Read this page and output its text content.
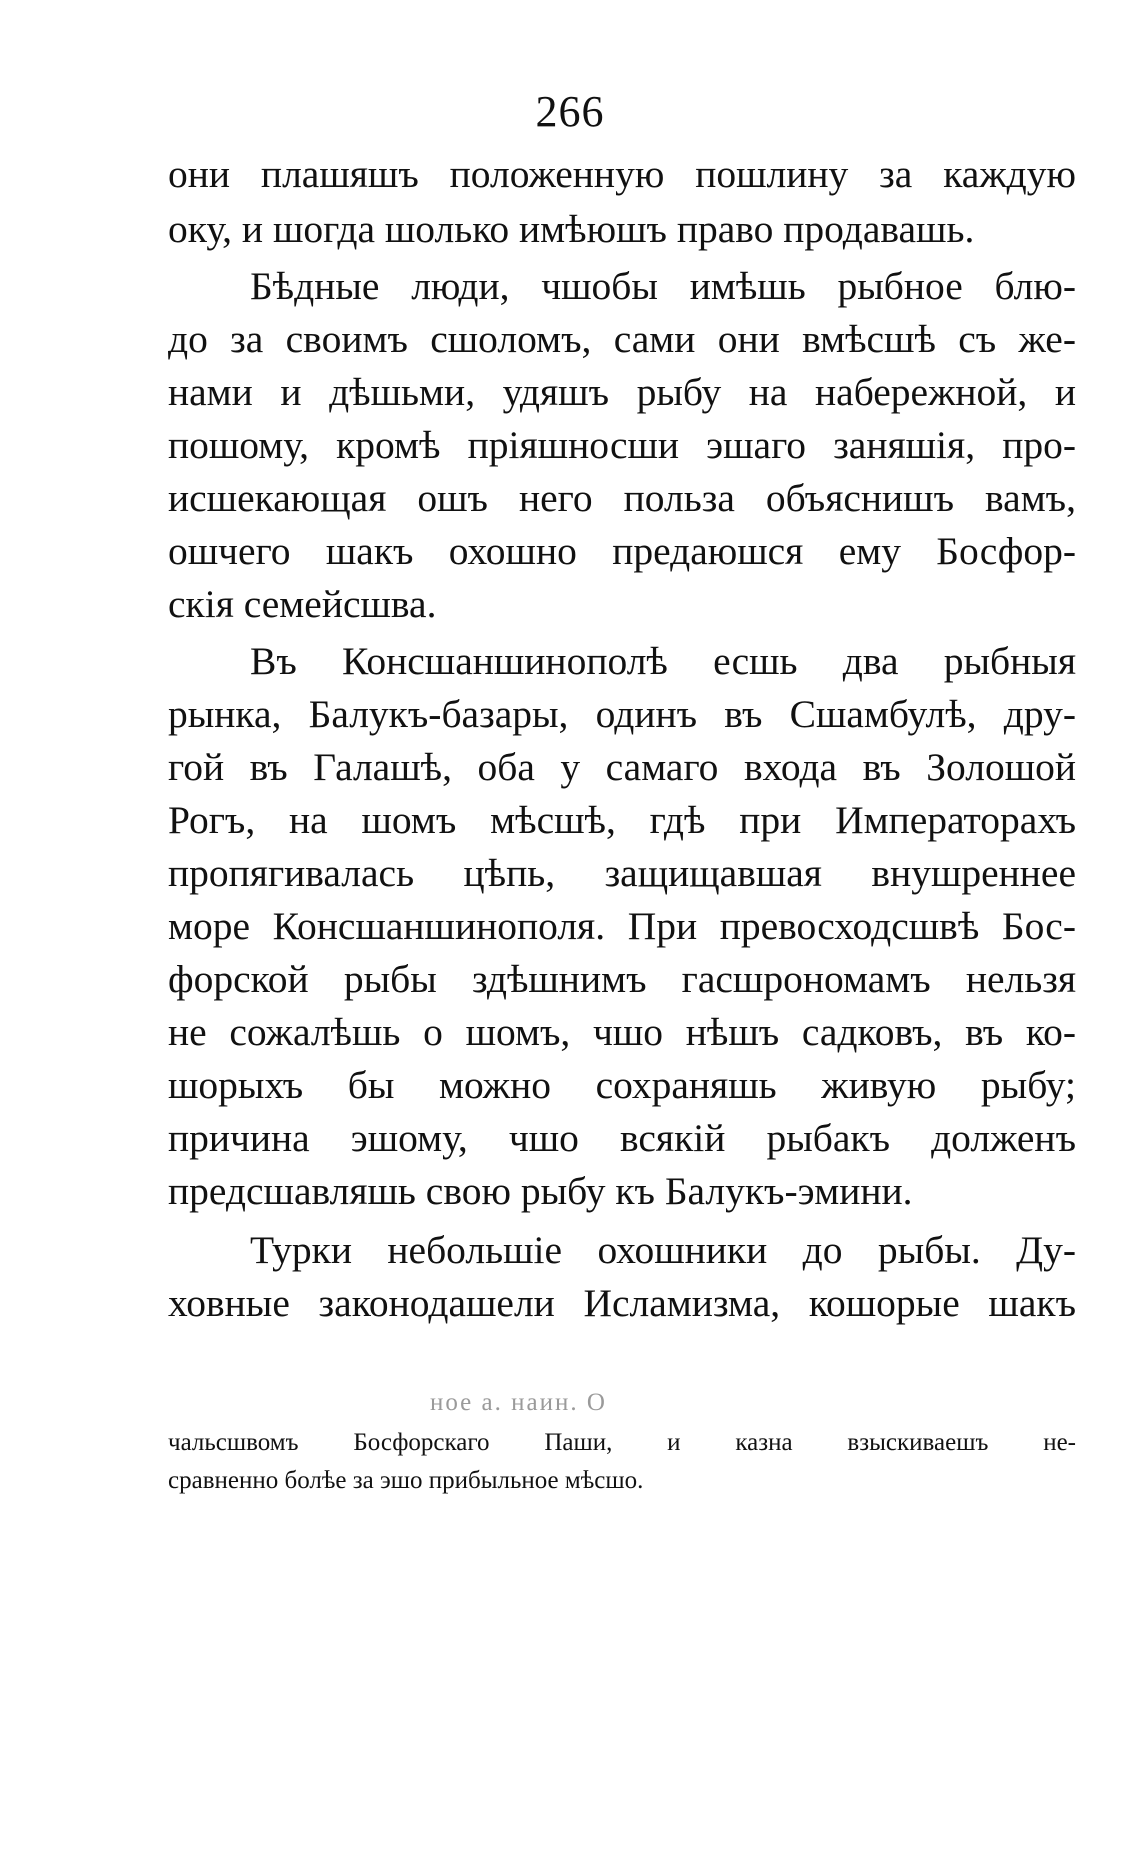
266
они плашяшъ положенную пошлину за каждую
оку, и шогда шолько имѣюшъ право продавашь.
Бѣдные люди, чшобы имѣшь рыбное блю-
до за своимъ сшоломъ, сами они вмѣсшѣ съ же-
нами и дѣшьми, удяшъ рыбу на набережной, и
пошому, кромѣ пріяшносши эшаго заняшія, про-
исшекающая ошъ него польза объяснишъ вамъ,
ошчего шакъ охошно предаюшся ему Босфор-
скія семейсшва.
Въ Консшаншинополѣ есшь два рыбныя
рынка, Балукъ-базары, одинъ въ Сшамбулѣ, дру-
гой въ Галашѣ, оба у самаго входа въ Золошой
Рогъ, на шомъ мѣсшѣ, гдѣ при Императорахъ
пропягивалась цѣпь, защищавшая внушреннее
море Консшаншинополя. При превосходсшвѣ Бос-
форской рыбы здѣшнимъ гасшрономамъ нельзя
не сожалѣшь о шомъ, чшо нѣшъ садковъ, въ ко-
шорыхъ бы можно сохраняшь живую рыбу;
причина эшому, чшо всякій рыбакъ долженъ
предсшавляшь свою рыбу къ Балукъ-эмини.
Турки небольшіе охошники до рыбы. Ду-
ховные законодашели Исламизма, кошорые шакъ
ное а. наин. О
чальсшвомъ Босфорскаго Паши, и казна взыскиваешъ не-
сравненно болѣе за эшо прибыльное мѣсшо.
